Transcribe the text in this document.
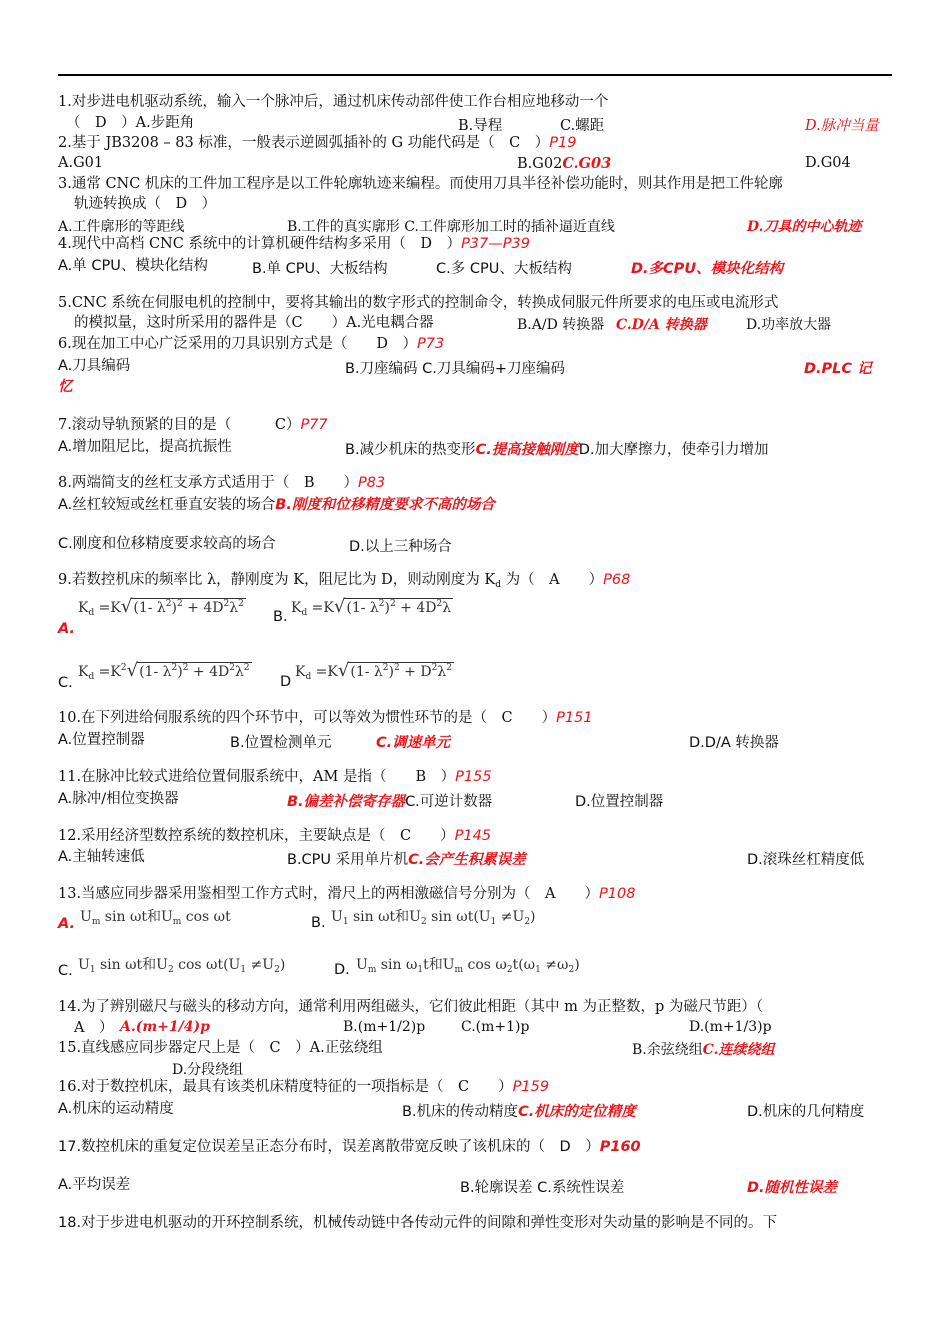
1.对步进电机驱动系统，输入一个脉冲后，通过机床传动部件使工作台相应地移动一个
（　D　）A.步距角	B.导程	C.螺距	D.脉冲当量
2.基于 JB3208 – 83 标准，一般表示逆圆弧插补的 G 功能代码是（　C　）P19
A.G01	B.G02C.G03	D.G04
3.通常 CNC 机床的工件加工程序是以工件轮廓轨迹来编程。而使用刀具半径补偿功能时，则其作用是把工件轮廓
轨迹转换成（　D　）
A.工件廓形的等距线	B.工件的真实廓形 C.工件廓形加工时的插补逼近直线	D.刀具的中心轨迹
4.现代中高档 CNC 系统中的计算机硬件结构多采用（　D　）P37—P39
A.单 CPU、模块化结构	B.单 CPU、大板结构	C.多 CPU、大板结构	D.多CPU、模块化结构
5.CNC 系统在伺服电机的控制中，要将其输出的数字形式的控制命令，转换成伺服元件所要求的电压或电流形式
的模拟量，这时所采用的器件是（C　　）A.光电耦合器	B.A/D 转换器 C.D/A 转换器	D.功率放大器
6.现在加工中心广泛采用的刀具识别方式是（　　D　）P73
A.刀具编码	B.刀座编码 C.刀具编码+刀座编码	D.PLC 记
忆
7.滚动导轨预紧的目的是（　　　C）P77
A.增加阻尼比，提高抗振性	B.减少机床的热变形C.提高接触刚度D.加大摩擦力，使牵引力增加
8.两端简支的丝杠支承方式适用于（　B　　）P83
A.丝杠较短或丝杠垂直安装的场合B.刚度和位移精度要求不高的场合
C.刚度和位移精度要求较高的场合	D.以上三种场合
9.若数控机床的频率比 λ，静刚度为 K，阻尼比为 D，则动刚度为 $K_d$ 为（　A　　）P68
$K_d =K√(1-$ $\lambda^2)^2 + 4D^2\lambda^2$
B.
$K_d =K√(1-$ $\lambda^2)^2 + 4D^2\lambda$
A.
$K_d =K^2√(1-$ $\lambda^2)^2 + 4D^2\lambda^2$
C.	D
$K_d =K√(1-$ $\lambda^2)^2 + D^2\lambda^2$
10.在下列进给伺服系统的四个环节中，可以等效为惯性环节的是（　C　　）P151
A.位置控制器	B.位置检测单元	C.调速单元	D.D/A 转换器
11.在脉冲比较式进给位置伺服系统中，AM 是指（　　B　）P155
A.脉冲/相位变换器	B.偏差补偿寄存器C.可逆计数器	D.位置控制器
12.采用经济型数控系统的数控机床，主要缺点是（　C　　）P145
A.主轴转速低	B.CPU 采用单片机C.会产生积累误差	D.滚珠丝杠精度低
13.当感应同步器采用鉴相型工作方式时，滑尺上的两相激磁信号分别为（　A　　）P108
A. $U_m$ sin ωt和$U_m$ cos ωt	B. $U_1$ sin ωt和$U_2$ $\sin \omega t(U_1 \ne U_2)$
$U_1$ sin ωt和$U_2$ $\cos \omega t(U_1 \ne U_2)$
C.	D. $U_m$ $\sin \omega_1t$和$U_m$ $\cos \omega_2t(\omega_1 \ne\omega_2)$
14.为了辨别磁尺与磁头的移动方向，通常利用两组磁头，它们彼此相距（其中 m 为正整数，p 为磁尺节距）（
A　） A.(m+1/4)p	B.(m+1/2)p	C.(m+1)p	D.(m+1/3)p
15.直线感应同步器定尺上是（　C　）A.正弦绕组	B.余弦绕组C.连续绕组
D.分段绕组
16.对于数控机床，最具有该类机床精度特征的一项指标是（　C　　）P159
A.机床的运动精度	B.机床的传动精度C.机床的定位精度	D.机床的几何精度
17.数控机床的重复定位误差呈正态分布时，误差离散带宽反映了该机床的（　D　）P160
A.平均误差	B.轮廓误差 C.系统性误差	D.随机性误差
18.对于步进电机驱动的开环控制系统，机械传动链中各传动元件的间隙和弹性变形对失动量的影响是不同的。下
